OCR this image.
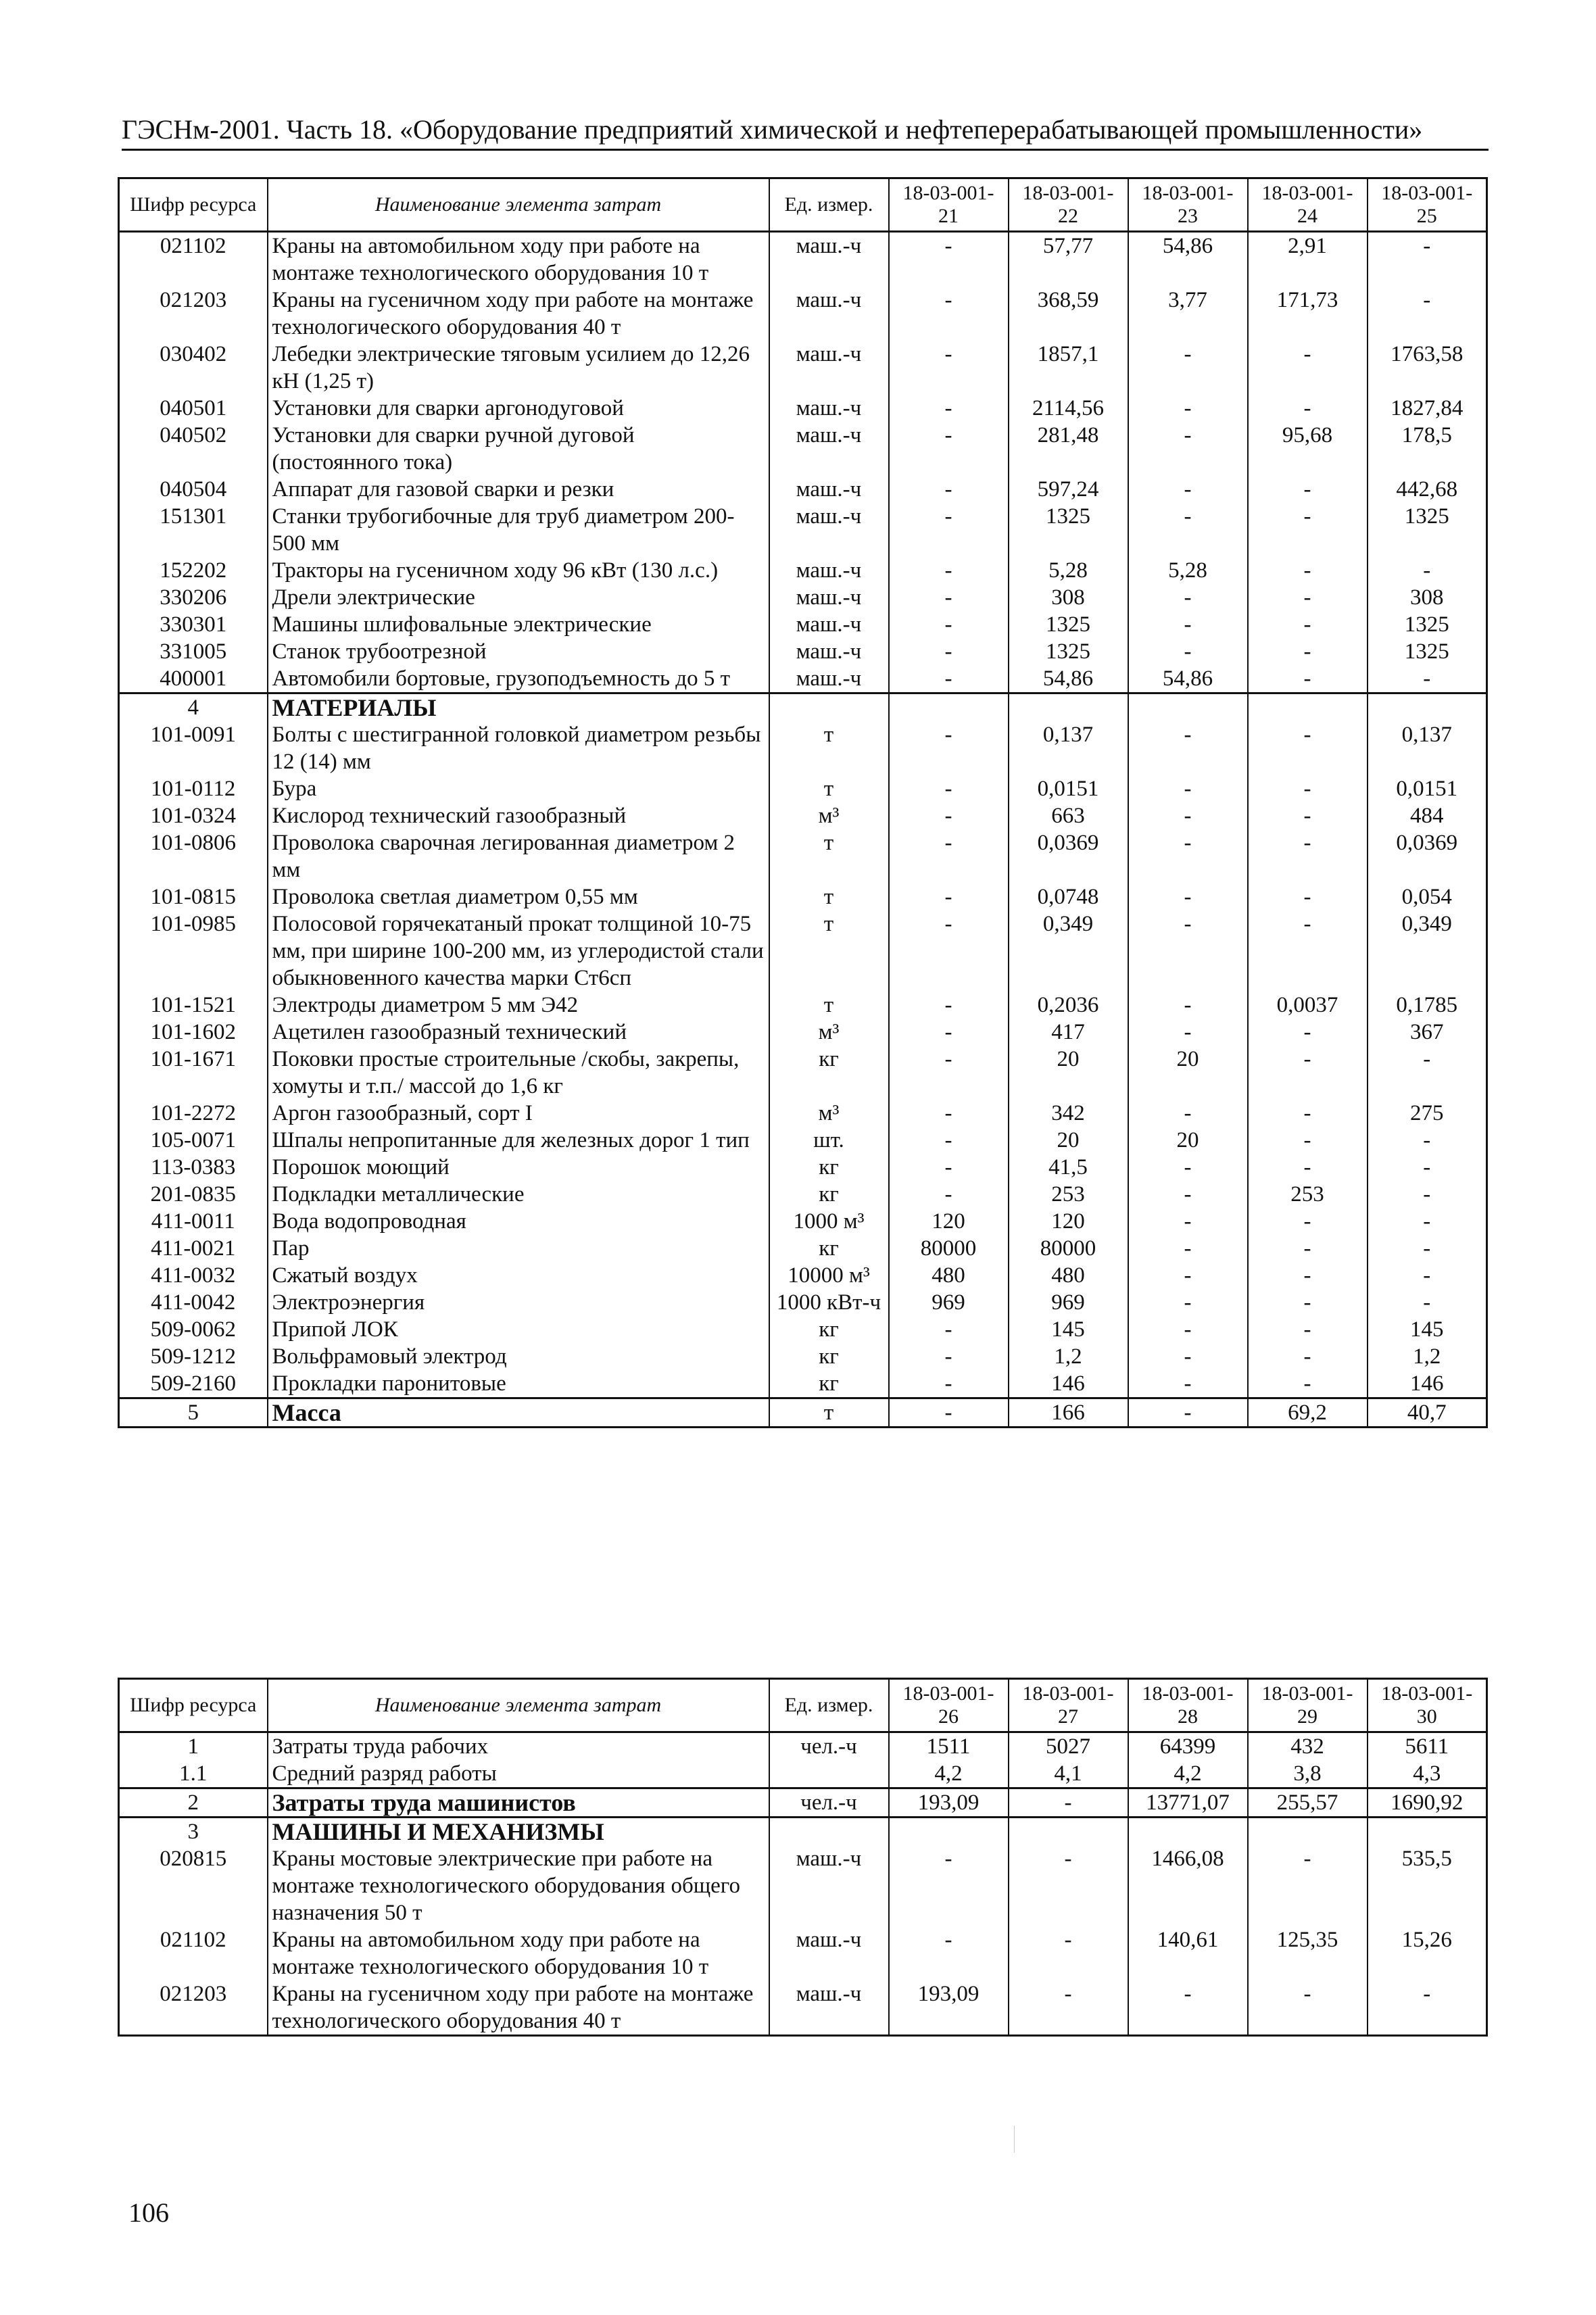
ГЭСНм-2001. Часть 18. «Оборудование предприятий химической и нефтеперерабатывающей промышленности»
Шифр ресурса	Наименование элемента затрат	Ед. измер.	18-03-001-21	18-03-001-22	18-03-001-23	18-03-001-24	18-03-001-25
021102	Краны на автомобильном ходу при работе на монтаже технологического оборудования 10 т	маш.-ч	-	57,77	54,86	2,91	-
021203	Краны на гусеничном ходу при работе на монтаже технологического оборудования 40 т	маш.-ч	-	368,59	3,77	171,73	-
030402	Лебедки электрические тяговым усилием до 12,26 кН (1,25 т)	маш.-ч	-	1857,1	-	-	1763,58
040501	Установки для сварки аргонодуговой	маш.-ч	-	2114,56	-	-	1827,84
040502	Установки для сварки ручной дуговой (постоянного тока)	маш.-ч	-	281,48	-	95,68	178,5
040504	Аппарат для газовой сварки и резки	маш.-ч	-	597,24	-	-	442,68
151301	Станки трубогибочные для труб диаметром 200-500 мм	маш.-ч	-	1325	-	-	1325
152202	Тракторы на гусеничном ходу 96 кВт (130 л.с.)	маш.-ч	-	5,28	5,28	-	-
330206	Дрели электрические	маш.-ч	-	308	-	-	308
330301	Машины шлифовальные электрические	маш.-ч	-	1325	-	-	1325
331005	Станок трубоотрезной	маш.-ч	-	1325	-	-	1325
400001	Автомобили бортовые, грузоподъемность до 5 т	маш.-ч	-	54,86	54,86	-	-
4	МАТЕРИАЛЫ						
101-0091	Болты с шестигранной головкой диаметром резьбы 12 (14) мм	т	-	0,137	-	-	0,137
101-0112	Бура	т	-	0,0151	-	-	0,0151
101-0324	Кислород технический газообразный	м³	-	663	-	-	484
101-0806	Проволока сварочная легированная диаметром 2 мм	т	-	0,0369	-	-	0,0369
101-0815	Проволока светлая диаметром 0,55 мм	т	-	0,0748	-	-	0,054
101-0985	Полосовой горячекатаный прокат толщиной 10-75 мм, при ширине 100-200 мм, из углеродистой стали обыкновенного качества марки Ст6сп	т	-	0,349	-	-	0,349
101-1521	Электроды диаметром 5 мм Э42	т	-	0,2036	-	0,0037	0,1785
101-1602	Ацетилен газообразный технический	м³	-	417	-	-	367
101-1671	Поковки простые строительные /скобы, закрепы, хомуты и т.п./ массой до 1,6 кг	кг	-	20	20	-	-
101-2272	Аргон газообразный, сорт I	м³	-	342	-	-	275
105-0071	Шпалы непропитанные для железных дорог 1 тип	шт.	-	20	20	-	-
113-0383	Порошок моющий	кг	-	41,5	-	-	-
201-0835	Подкладки металлические	кг	-	253	-	253	-
411-0011	Вода водопроводная	1000 м³	120	120	-	-	-
411-0021	Пар	кг	80000	80000	-	-	-
411-0032	Сжатый воздух	10000 м³	480	480	-	-	-
411-0042	Электроэнергия	1000 кВт-ч	969	969	-	-	-
509-0062	Припой ЛОК	кг	-	145	-	-	145
509-1212	Вольфрамовый электрод	кг	-	1,2	-	-	1,2
509-2160	Прокладки паронитовые	кг	-	146	-	-	146
5	Масса	т	-	166	-	69,2	40,7
Шифр ресурса	Наименование элемента затрат	Ед. измер.	18-03-001-26	18-03-001-27	18-03-001-28	18-03-001-29	18-03-001-30
1	Затраты труда рабочих	чел.-ч	1511	5027	64399	432	5611
1.1	Средний разряд работы		4,2	4,1	4,2	3,8	4,3
2	Затраты труда машинистов	чел.-ч	193,09	-	13771,07	255,57	1690,92
3	МАШИНЫ И МЕХАНИЗМЫ						
020815	Краны мостовые электрические при работе на монтаже технологического оборудования общего назначения 50 т	маш.-ч	-	-	1466,08	-	535,5
021102	Краны на автомобильном ходу при работе на монтаже технологического оборудования 10 т	маш.-ч	-	-	140,61	125,35	15,26
021203	Краны на гусеничном ходу при работе на монтаже технологического оборудования 40 т	маш.-ч	193,09	-	-	-	-
106
